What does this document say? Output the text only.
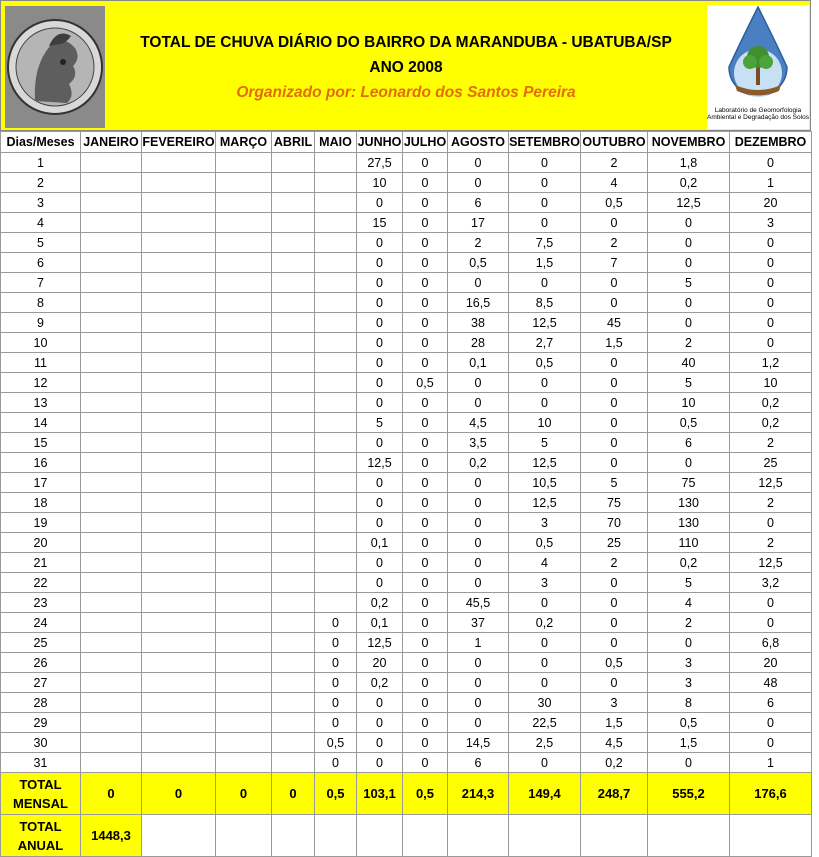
TOTAL DE CHUVA DIÁRIO DO BAIRRO DA MARANDUBA - UBATUBA/SP
ANO 2008
Organizado por: Leonardo dos Santos Pereira
Laboratório de Geomorfologia Ambiental e Degradação dos Solos
Dias/Meses	JANEIRO	FEVEREIRO	MARÇO	ABRIL	MAIO	JUNHO	JULHO	AGOSTO	SETEMBRO	OUTUBRO	NOVEMBRO	DEZEMBRO
1						27,5	0	0	0	2	1,8	0
2						10	0	0	0	4	0,2	1
3						0	0	6	0	0,5	12,5	20
4						15	0	17	0	0	0	3
5						0	0	2	7,5	2	0	0
6						0	0	0,5	1,5	7	0	0
7						0	0	0	0	0	5	0
8						0	0	16,5	8,5	0	0	0
9						0	0	38	12,5	45	0	0
10						0	0	28	2,7	1,5	2	0
11						0	0	0,1	0,5	0	40	1,2
12						0	0,5	0	0	0	5	10
13						0	0	0	0	0	10	0,2
14						5	0	4,5	10	0	0,5	0,2
15						0	0	3,5	5	0	6	2
16						12,5	0	0,2	12,5	0	0	25
17						0	0	0	10,5	5	75	12,5
18						0	0	0	12,5	75	130	2
19						0	0	0	3	70	130	0
20						0,1	0	0	0,5	25	110	2
21						0	0	0	4	2	0,2	12,5
22						0	0	0	3	0	5	3,2
23						0,2	0	45,5	0	0	4	0
24					0	0,1	0	37	0,2	0	2	0
25					0	12,5	0	1	0	0	0	6,8
26					0	20	0	0	0	0,5	3	20
27					0	0,2	0	0	0	0	3	48
28					0	0	0	0	30	3	8	6
29					0	0	0	0	22,5	1,5	0,5	0
30					0,5	0	0	14,5	2,5	4,5	1,5	0
31					0	0	0	6	0	0,2	0	1
TOTAL MENSAL	0	0	0	0	0,5	103,1	0,5	214,3	149,4	248,7	555,2	176,6
TOTAL ANUAL	1448,3											
